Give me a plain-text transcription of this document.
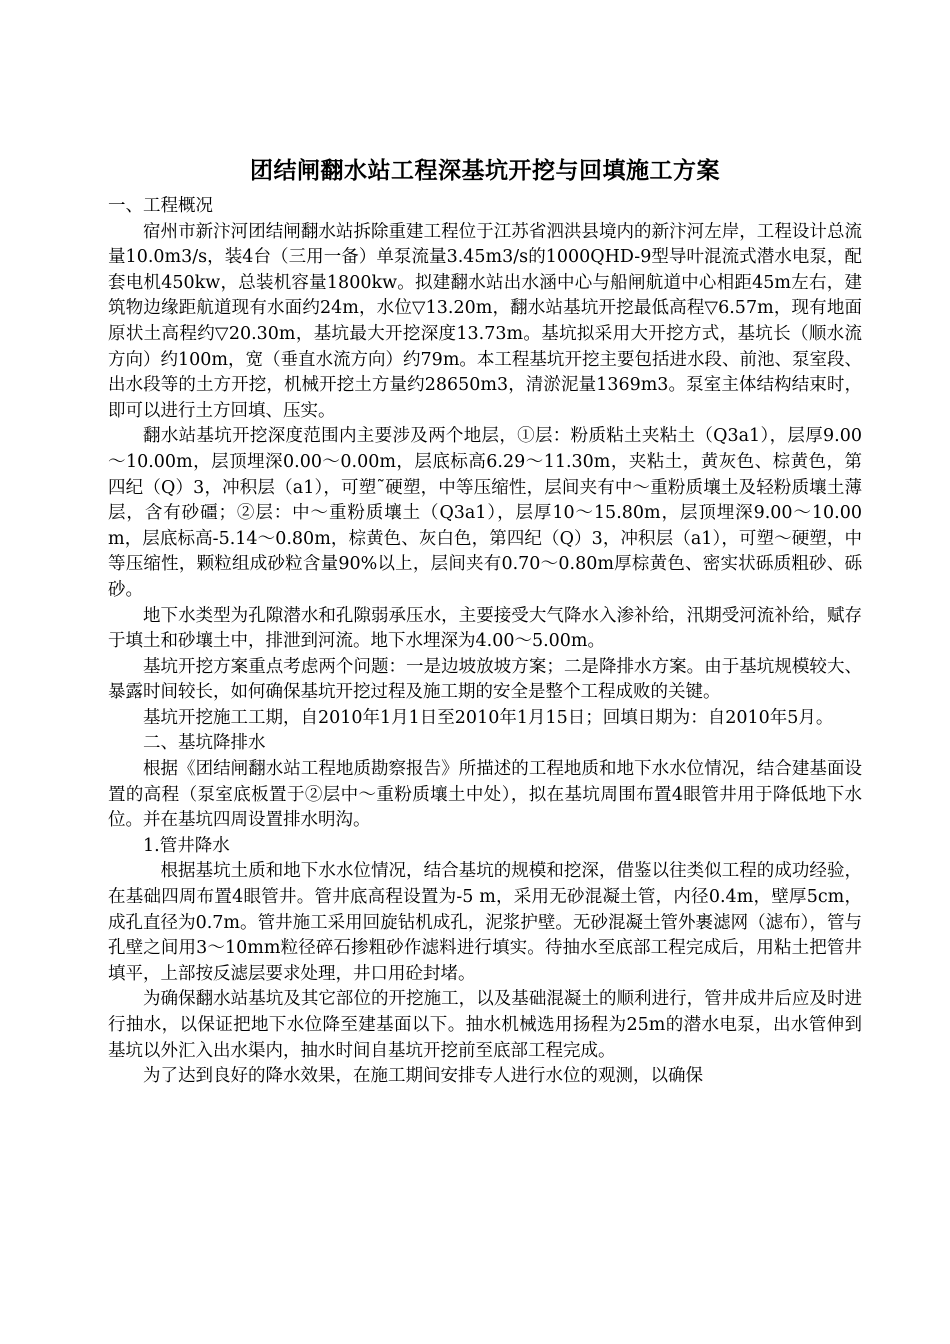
团结闸翻水站工程深基坑开挖与回填施工方案

一、工程概况

宿州市新汴河团结闸翻水站拆除重建工程位于江苏省泗洪县境内的新汴河左岸，工程设计总流量10.0m3/s，装4台（三用一备）单泵流量3.45m3/s的1000QHD-9型导叶混流式潜水电泵，配套电机450kw，总装机容量1800kw。拟建翻水站出水涵中心与船闸航道中心相距45m左右，建筑物边缘距航道现有水面约24m，水位▽13.20m，翻水站基坑开挖最低高程▽6.57m，现有地面原状土高程约▽20.30m，基坑最大开挖深度13.73m。基坑拟采用大开挖方式，基坑长（顺水流方向）约100m，宽（垂直水流方向）约79m。本工程基坑开挖主要包括进水段、前池、泵室段、出水段等的土方开挖，机械开挖土方量约28650m3，清淤泥量1369m3。泵室主体结构结束时，即可以进行土方回填、压实。

翻水站基坑开挖深度范围内主要涉及两个地层，①层：粉质粘土夹粘土（Q3a1），层厚9.00～10.00m，层顶埋深0.00～0.00m，层底标高6.29～11.30m，夹粘土，黄灰色、棕黄色，第四纪（Q）3，冲积层（a1），可塑˜硬塑，中等压缩性，层间夹有中～重粉质壤土及轻粉质壤土薄层，含有砂礓；②层：中～重粉质壤土（Q3a1），层厚10～15.80m，层顶埋深9.00～10.00m，层底标高-5.14～0.80m，棕黄色、灰白色，第四纪（Q）3，冲积层（a1），可塑～硬塑，中等压缩性，颗粒组成砂粒含量90%以上，层间夹有0.70～0.80m厚棕黄色、密实状砾质粗砂、砾砂。

地下水类型为孔隙潜水和孔隙弱承压水，主要接受大气降水入渗补给，汛期受河流补给，赋存于填土和砂壤土中，排泄到河流。地下水埋深为4.00～5.00m。

基坑开挖方案重点考虑两个问题：一是边坡放坡方案；二是降排水方案。由于基坑规模较大、暴露时间较长，如何确保基坑开挖过程及施工期的安全是整个工程成败的关键。

基坑开挖施工工期，自2010年1月1日至2010年1月15日；回填日期为：自2010年5月。

二、基坑降排水

根据《团结闸翻水站工程地质勘察报告》所描述的工程地质和地下水水位情况，结合建基面设置的高程（泵室底板置于②层中～重粉质壤土中处），拟在基坑周围布置4眼管井用于降低地下水位。并在基坑四周设置排水明沟。

1.管井降水

根据基坑土质和地下水水位情况，结合基坑的规模和挖深，借鉴以往类似工程的成功经验，在基础四周布置4眼管井。管井底高程设置为-5 m，采用无砂混凝土管，内径0.4m，壁厚5cm，成孔直径为0.7m。管井施工采用回旋钻机成孔，泥浆护壁。无砂混凝土管外裹滤网（滤布），管与孔壁之间用3～10mm粒径碎石掺粗砂作滤料进行填实。待抽水至底部工程完成后，用粘土把管井填平，上部按反滤层要求处理，井口用砼封堵。

为确保翻水站基坑及其它部位的开挖施工，以及基础混凝土的顺利进行，管井成井后应及时进行抽水，以保证把地下水位降至建基面以下。抽水机械选用扬程为25m的潜水电泵，出水管伸到基坑以外汇入出水渠内，抽水时间自基坑开挖前至底部工程完成。

为了达到良好的降水效果，在施工期间安排专人进行水位的观测，以确保
